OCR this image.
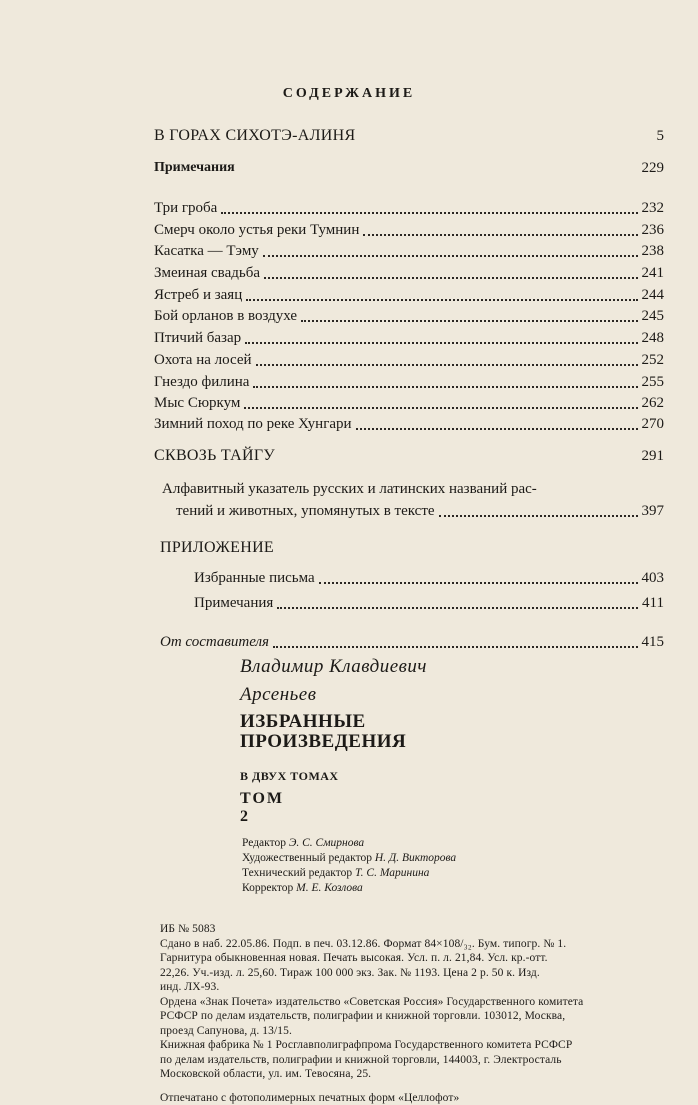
СОДЕРЖАНИЕ
В ГОРАХ СИХОТЭ-АЛИНЯ	5
Примечания	229
Три гроба	232
Смерч около устья реки Тумнин	236
Касатка — Тэму	238
Змеиная свадьба	241
Ястреб и заяц	244
Бой орланов в воздухе	245
Птичий базар	248
Охота на лосей	252
Гнездо филина	255
Мыс Сюркум	262
Зимний поход по реке Хунгари	270
СКВОЗЬ ТАЙГУ	291
Алфавитный указатель русских и латинских названий рас-
тений и животных, упомянутых в тексте	397
ПРИЛОЖЕНИЕ
Избранные письма	403
Примечания	411
От составителя	415
Владимир Клавдиевич
Арсеньев
ИЗБРАННЫЕ
ПРОИЗВЕДЕНИЯ
В ДВУХ ТОМАХ
ТОМ
2
Редактор Э. С. Смирнова
Художественный редактор Н. Д. Викторова
Технический редактор Т. С. Маринина
Корректор М. Е. Козлова

ИБ № 5083

Сдано в наб. 22.05.86. Подп. в печ. 03.12.86. Формат 84×108/₃₂. Бум. типогр. № 1.

Гарнитура обыкновенная новая. Печать высокая. Усл. п. л. 21,84. Усл. кр.-отт.

22,26. Уч.-изд. л. 25,60. Тираж 100 000 экз. Зак. № 1193. Цена 2 р. 50 к. Изд.

инд. ЛХ-93.

Ордена «Знак Почета» издательство «Советская Россия» Государственного комитета

РСФСР по делам издательств, полиграфии и книжной торговли. 103012, Москва,

проезд Сапунова, д. 13/15.

Книжная фабрика № 1 Росглавполиграфпрома Государственного комитета РСФСР

по делам издательств, полиграфии и книжной торговли, 144003, г. Электросталь

Московской области, ул. им. Тевосяна, 25.

Отпечатано с фотополимерных печатных форм «Целлофот»
